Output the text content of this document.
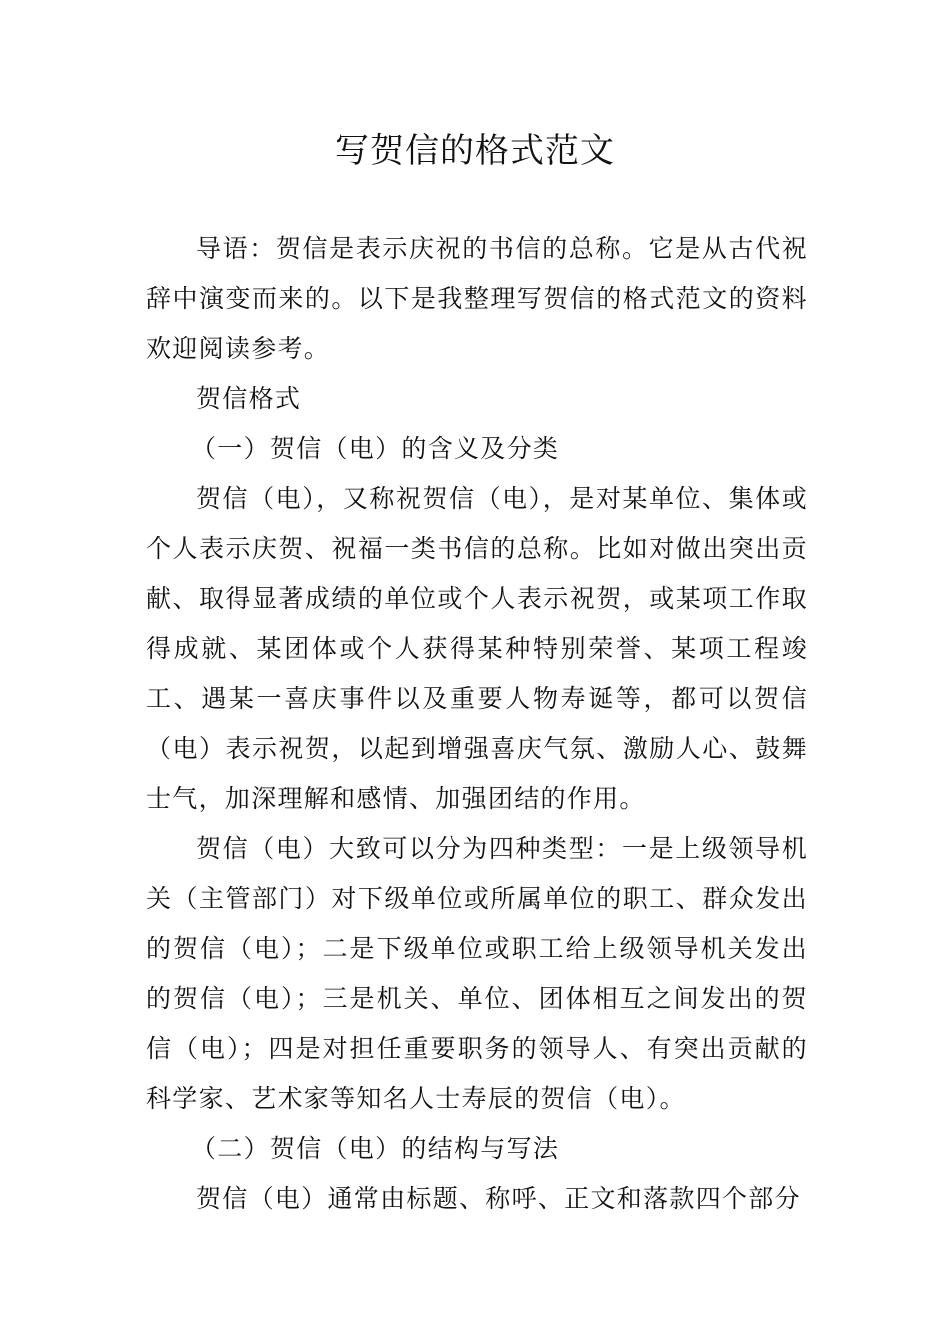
写贺信的格式范文

导语：贺信是表示庆祝的书信的总称。它是从古代祝辞中演变而来的。以下是我整理写贺信的格式范文的资料欢迎阅读参考。

贺信格式

（一）贺信（电）的含义及分类

贺信（电），又称祝贺信（电），是对某单位、集体或个人表示庆贺、祝福一类书信的总称。比如对做出突出贡献、取得显著成绩的单位或个人表示祝贺，或某项工作取得成就、某团体或个人获得某种特别荣誉、某项工程竣工、遇某一喜庆事件以及重要人物寿诞等，都可以贺信（电）表示祝贺，以起到增强喜庆气氛、激励人心、鼓舞士气，加深理解和感情、加强团结的作用。

贺信（电）大致可以分为四种类型：一是上级领导机关（主管部门）对下级单位或所属单位的职工、群众发出的贺信（电）；二是下级单位或职工给上级领导机关发出的贺信（电）；三是机关、单位、团体相互之间发出的贺信（电）；四是对担任重要职务的领导人、有突出贡献的科学家、艺术家等知名人士寿辰的贺信（电）。

（二）贺信（电）的结构与写法

贺信（电）通常由标题、称呼、正文和落款四个部分
